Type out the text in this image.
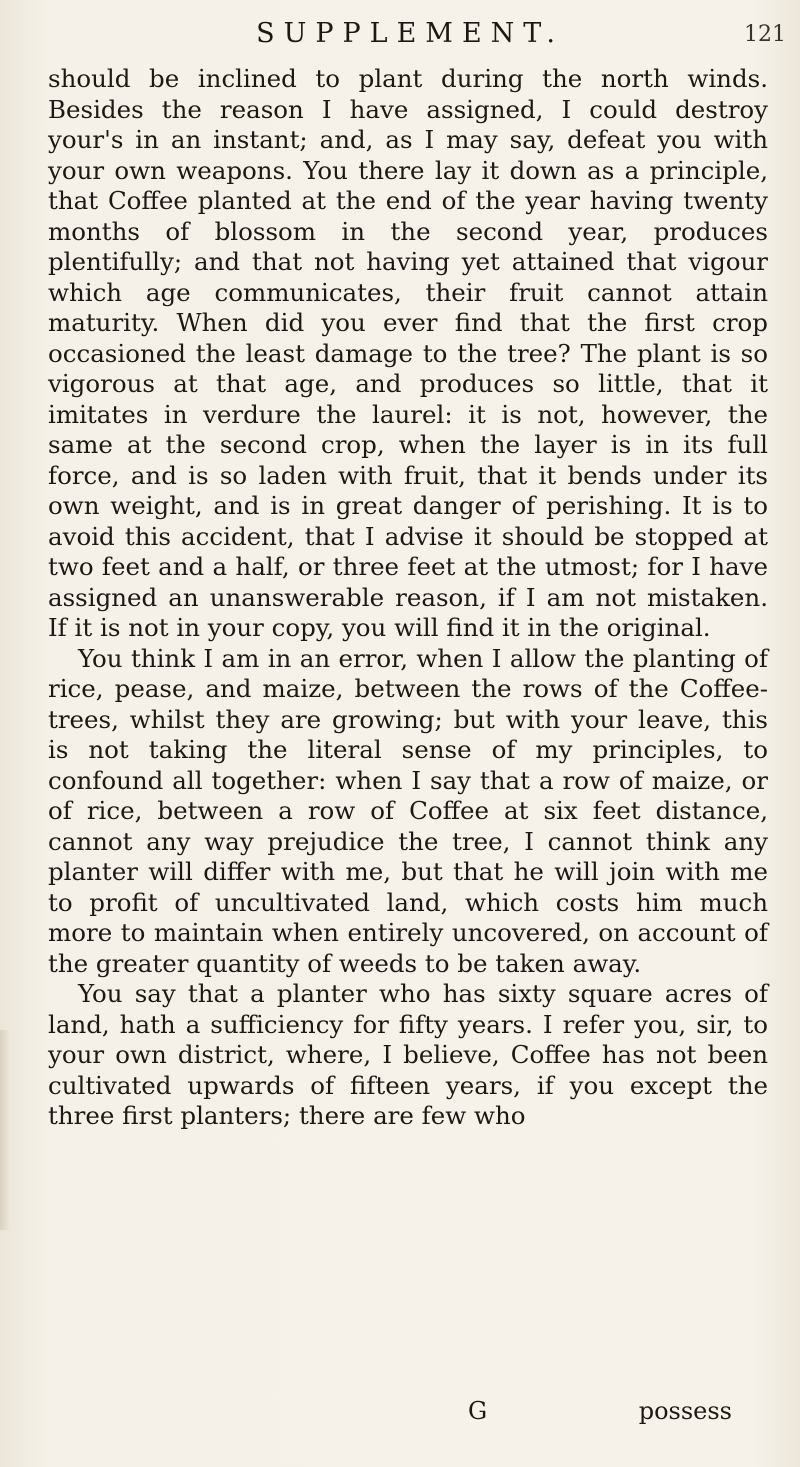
SUPPLEMENT.	121

should be inclined to plant during the north winds. Besides the reason I have assigned, I could destroy your's in an instant; and, as I may say, defeat you with your own weapons. You there lay it down as a principle, that Coffee planted at the end of the year having twenty months of blossom in the second year, produces plentifully; and that not having yet attained that vigour which age communicates, their fruit cannot attain maturity. When did you ever find that the first crop occasioned the least damage to the tree? The plant is so vigorous at that age, and produces so little, that it imitates in verdure the laurel: it is not, however, the same at the second crop, when the layer is in its full force, and is so laden with fruit, that it bends under its own weight, and is in great danger of perishing. It is to avoid this accident, that I advise it should be stopped at two feet and a half, or three feet at the utmost; for I have assigned an unanswerable reason, if I am not mistaken. If it is not in your copy, you will find it in the original.

You think I am in an error, when I allow the planting of rice, pease, and maize, between the rows of the Coffee-trees, whilst they are growing; but with your leave, this is not taking the literal sense of my principles, to confound all together: when I say that a row of maize, or of rice, between a row of Coffee at six feet distance, cannot any way prejudice the tree, I cannot think any planter will differ with me, but that he will join with me to profit of uncultivated land, which costs him much more to maintain when entirely uncovered, on account of the greater quantity of weeds to be taken away.

You say that a planter who has sixty square acres of land, hath a sufficiency for fifty years. I refer you, sir, to your own district, where, I believe, Coffee has not been cultivated upwards of fifteen years, if you except the three first planters; there are few who

G	possess
